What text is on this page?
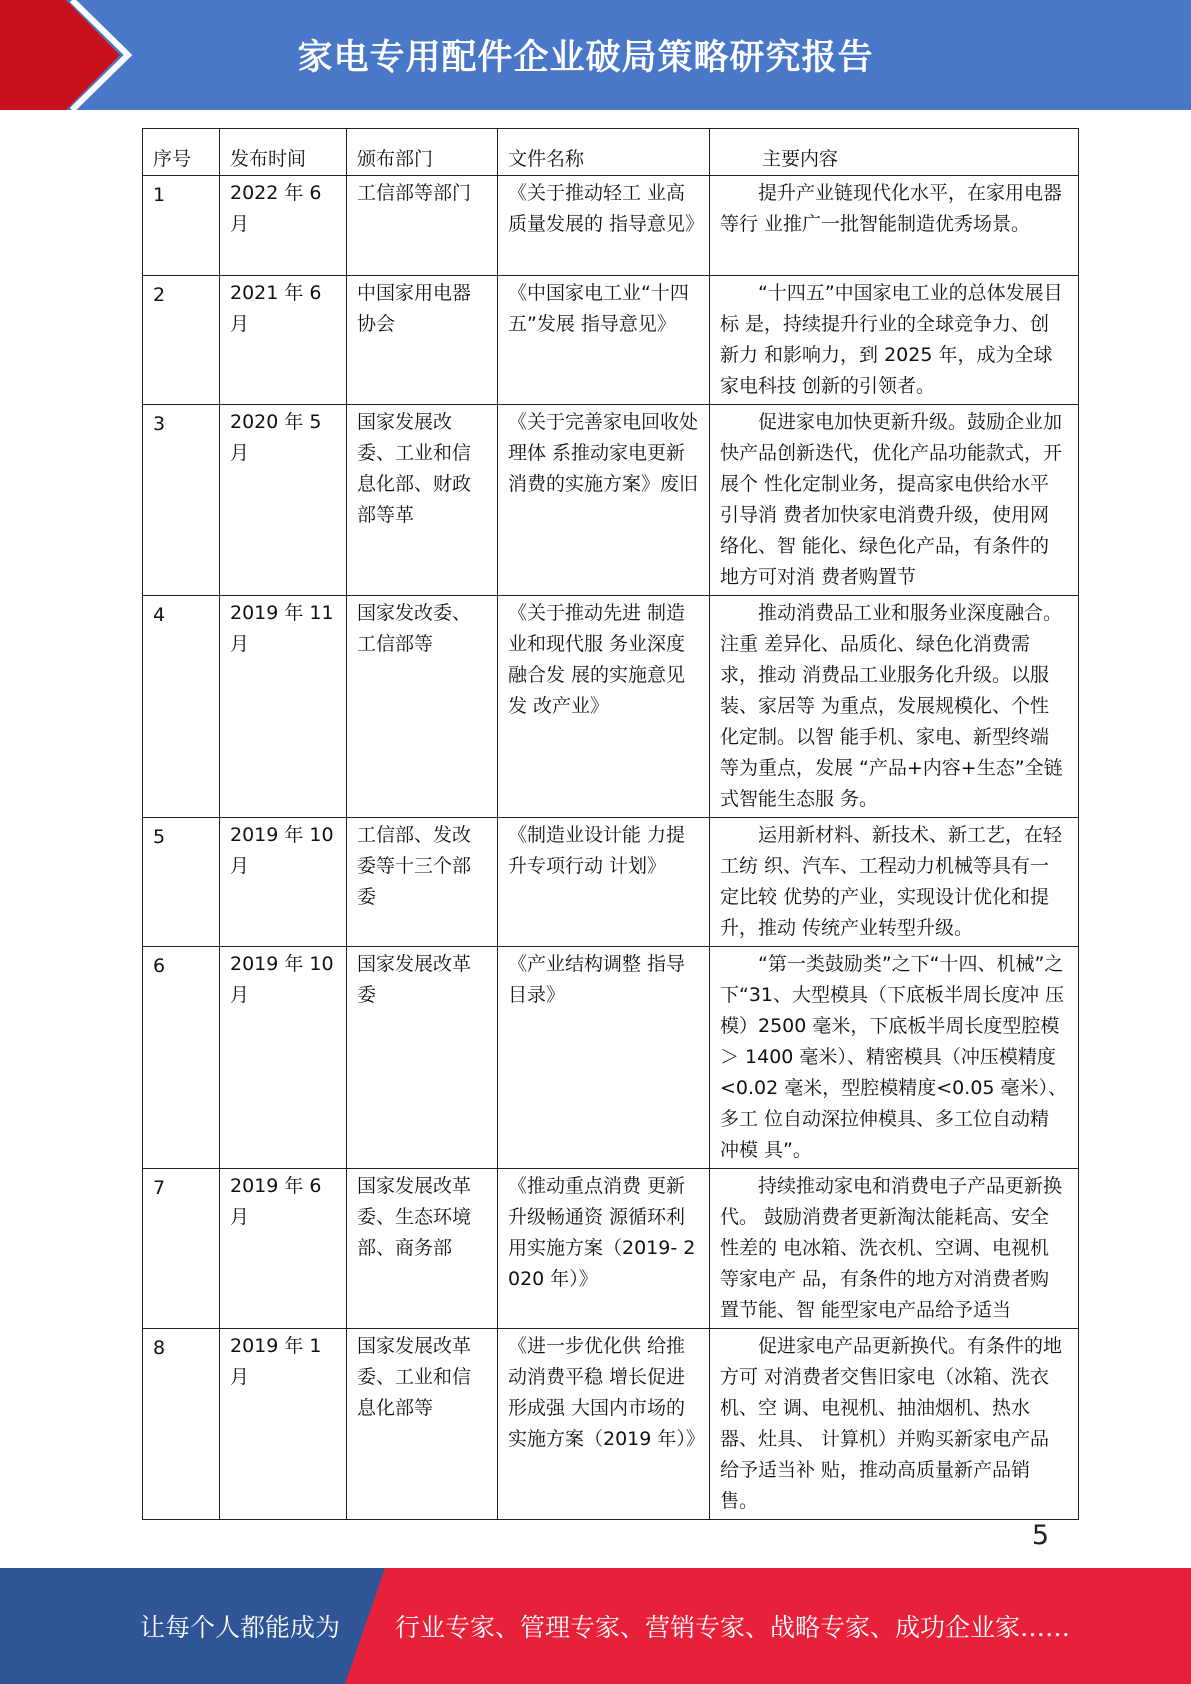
家电专用配件企业破局策略研究报告
序号	发布时间	颁布部门	文件名称	主要内容
1	2022 年 6 月	工信部等部门	《关于推动轻工 业高质量发展的 指导意见》	提升产业链现代化水平，在家用电器等行 业推广一批智能制造优秀场景。
2	2021 年 6 月	中国家用电器协会	《中国家电工业“十四五”发展 指导意见》	“十四五”中国家电工业的总体发展目标 是，持续提升行业的全球竞争力、创新力 和影响力，到 2025 年，成为全球家电科技 创新的引领者。
3	2020 年 5 月	国家发展改委、工业和信息化部、财政部等革	《关于完善家电回收处理体 系推动家电更新 消费的实施方案》废旧	促进家电加快更新升级。鼓励企业加快产品创新迭代，优化产品功能款式，开展个 性化定制业务，提高家电供给水平引导消 费者加快家电消费升级，使用网络化、智 能化、绿色化产品，有条件的地方可对消 费者购置节
4	2019 年 11 月	国家发改委、工信部等	《关于推动先进 制造业和现代服 务业深度融合发 展的实施意见发 改产业》	推动消费品工业和服务业深度融合。注重 差异化、品质化、绿色化消费需求，推动 消费品工业服务化升级。以服装、家居等 为重点，发展规模化、个性化定制。以智 能手机、家电、新型终端等为重点，发展 “产品+内容+生态”全链式智能生态服 务。
5	2019 年 10 月	工信部、发改委等十三个部委	《制造业设计能 力提升专项行动 计划》	运用新材料、新技术、新工艺，在轻工纺 织、汽车、工程动力机械等具有一定比较 优势的产业，实现设计优化和提升，推动 传统产业转型升级。
6	2019 年 10 月	国家发展改革委	《产业结构调整 指导目录》	“第一类鼓励类”之下“十四、机械”之下“31、大型模具（下底板半周长度冲 压模）2500 毫米，下底板半周长度型腔模 ＞ 1400 毫米）、精密模具（冲压模精度 <0.02 毫米，型腔模精度<0.05 毫米）、多工 位自动深拉伸模具、多工位自动精冲模 具”。
7	2019 年 6 月	国家发展改革委、生态环境部、商务部	《推动重点消费 更新升级畅通资 源循环利用实施方案（2019- 2020 年）》	持续推动家电和消费电子产品更新换代。 鼓励消费者更新淘汰能耗高、安全性差的 电冰箱、洗衣机、空调、电视机等家电产 品，有条件的地方对消费者购置节能、智 能型家电产品给予适当
8	2019 年 1 月	国家发展改革委、工业和信息化部等	《进一步优化供 给推动消费平稳 增长促进形成强 大国内市场的实施方案（2019 年）》	促进家电产品更新换代。有条件的地方可 对消费者交售旧家电（冰箱、洗衣机、空 调、电视机、抽油烟机、热水器、灶具、 计算机）并购买新家电产品给予适当补 贴，推动高质量新产品销售。
5
让每个人都能成为	行业专家、管理专家、营销专家、战略专家、成功企业家……
